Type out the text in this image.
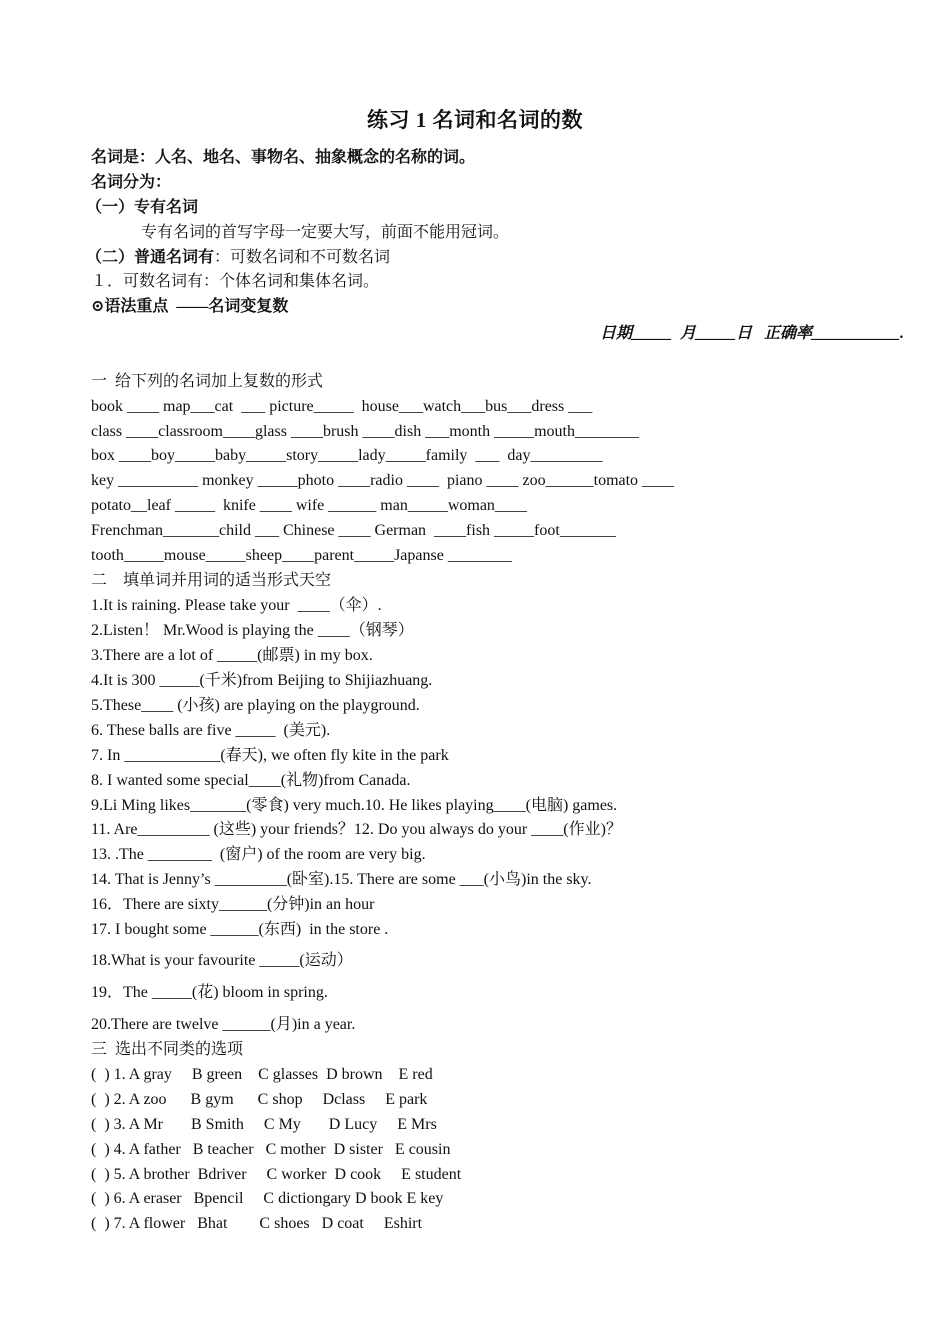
练习 1 名词和名词的数
名词是：人名、地名、事物名、抽象概念的名称的词。
名词分为：
（一）专有名词
专有名词的首写字母一定要大写，前面不能用冠词。
（二）普通名词有：可数名词和不可数名词
１．可数名词有：个体名词和集体名词。
⊙语法重点  ——名词变复数
日期_____  月_____日   正确率___________.
一  给下列的名词加上复数的形式
book ____ map___cat  ___ picture_____  house___watch___bus___dress ___
class ____classroom____glass ____brush ____dish ___month _____mouth________
box ____boy_____baby_____story_____lady_____family  ___  day_________
key __________ monkey _____photo ____radio ____  piano ____ zoo______tomato ____
potato__leaf _____  knife ____ wife ______ man_____woman____
Frenchman_______child ___ Chinese ____ German  ____fish _____foot_______
tooth_____mouse_____sheep____parent_____Japanse ________
二    填单词并用词的适当形式天空
1.It is raining. Please take your  ____（伞）.
2.Listen！ Mr.Wood is playing the ____（钢琴）
3.There are a lot of _____(邮票) in my box.
4.It is 300 _____(千米)from Beijing to Shijiazhuang.
5.These____ (小孩) are playing on the playground.
6. These balls are five _____  (美元).
7. In ____________(春天), we often fly kite in the park
8. I wanted some special____(礼物)from Canada.
9.Li Ming likes_______(零食) very much.10. He likes playing____(电脑) games.
11. Are_________ (这些) your friends？12. Do you always do your ____(作业)？
13. .The ________  (窗户) of the room are very big.
14. That is Jenny’s _________(卧室).15. There are some ___(小鸟)in the sky.
16．There are sixty______(分钟)in an hour
17. I bought some ______(东西)  in the store .
18.What is your favourite _____(运动）
19．The _____(花) bloom in spring.
20.There are twelve ______(月)in a year.
三  选出不同类的选项
(  ) 1. A gray     B green    C glasses  D brown    E red
(  ) 2. A zoo      B gym      C shop     Dclass     E park
(  ) 3. A Mr       B Smith     C My       D Lucy     E Mrs
(  ) 4. A father   B teacher   C mother  D sister   E cousin
(  ) 5. A brother  Bdriver     C worker  D cook     E student
(  ) 6. A eraser   Bpencil     C dictiongary D book E key
(  ) 7. A flower   Bhat        C shoes   D coat     Eshirt
